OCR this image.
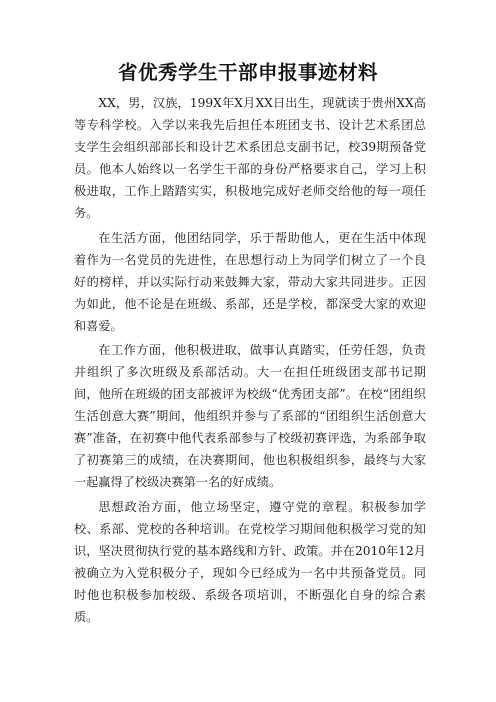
省优秀学生干部申报事迹材料

XX，男，汉族，199X年X月XX日出生，现就读于贵州XX高等专科学校。入学以来我先后担任本班团支书、设计艺术系团总支学生会组织部部长和设计艺术系团总支副书记，校39期预备党员。他本人始终以一名学生干部的身份严格要求自己，学习上积极进取，工作上踏踏实实，积极地完成好老师交给他的每一项任务。

在生活方面，他团结同学，乐于帮助他人，更在生活中体现着作为一名党员的先进性，在思想行动上为同学们树立了一个良好的榜样，并以实际行动来鼓舞大家，带动大家共同进步。正因为如此，他不论是在班级、系部，还是学校，都深受大家的欢迎和喜爱。

在工作方面，他积极进取，做事认真踏实，任劳任怨，负责并组织了多次班级及系部活动。大一在担任班级团支部书记期间，他所在班级的团支部被评为校级“优秀团支部”。在校“团组织生活创意大赛”期间，他组织并参与了系部的“团组织生活创意大赛”准备，在初赛中他代表系部参与了校级初赛评选，为系部争取了初赛第三的成绩，在决赛期间，他也积极组织参，最终与大家一起赢得了校级决赛第一名的好成绩。

思想政治方面，他立场坚定，遵守党的章程。积极参加学校、系部、党校的各种培训。在党校学习期间他积极学习党的知识，坚决贯彻执行党的基本路线和方针、政策。并在2010年12月被确立为入党积极分子，现如今已经成为一名中共预备党员。同时他也积极参加校级、系级各项培训，不断强化自身的综合素质。
